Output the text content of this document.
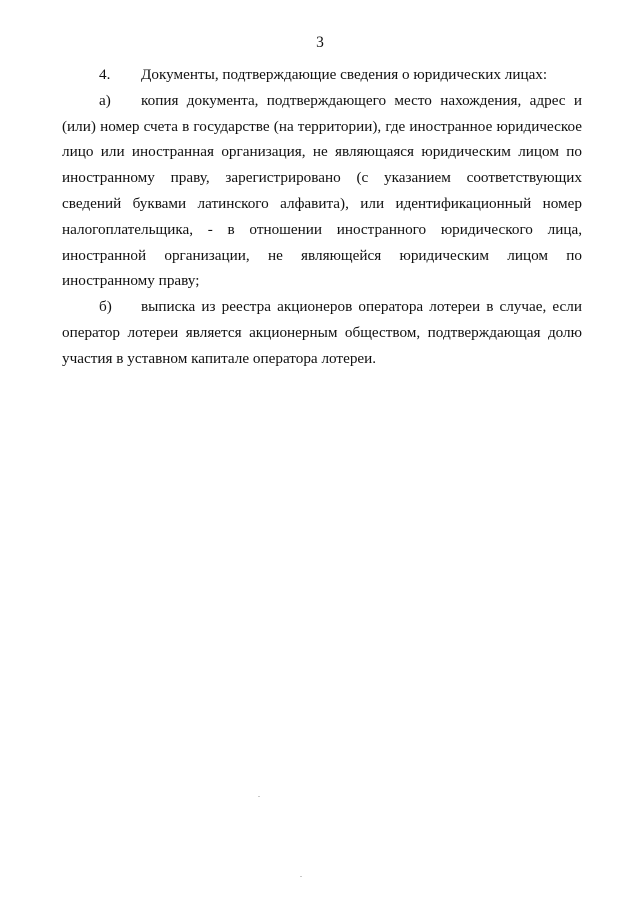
3

4. Документы, подтверждающие сведения о юридических лицах:

а) копия документа, подтверждающего место нахождения, адрес и (или) номер счета в государстве (на территории), где иностранное юридическое лицо или иностранная организация, не являющаяся юридическим лицом по иностранному праву, зарегистрировано (с указанием соответствующих сведений буквами латинского алфавита), или идентификационный номер налогоплательщика, - в отношении иностранного юридического лица, иностранной организации, не являющейся юридическим лицом по иностранному праву;

б) выписка из реестра акционеров оператора лотереи в случае, если оператор лотереи является акционерным обществом, подтверждающая долю участия в уставном капитале оператора лотереи.
